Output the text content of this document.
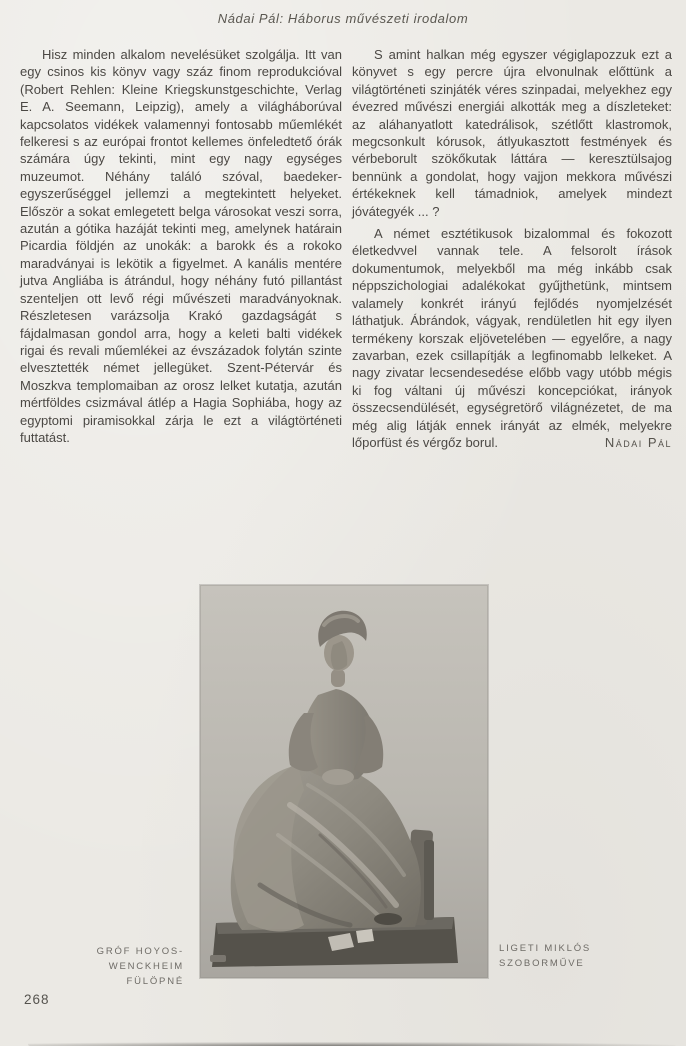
Nádai Pál: Háborus művészeti irodalom

Hisz minden alkalom nevelésüket szolgálja. Itt van egy csinos kis könyv vagy száz finom reprodukcióval (Robert Rehlen: Kleine Kriegskunstgeschichte, Verlag E. A. Seemann, Leipzig), amely a világháborúval kapcsolatos vidékek valamennyi fontosabb műemlékét felkeresi s az európai frontot kellemes önfeledtető órák számára úgy tekinti, mint egy nagy egységes muzeumot. Néhány találó szóval, baedeker-egyszerűséggel jellemzi a megtekintett helyeket. Először a sokat emlegetett belga városokat veszi sorra, azután a gótika hazáját tekinti meg, amelynek határain Picardia földjén az unokák: a barokk és a rokoko maradványai is lekötik a figyelmet. A kanális mentére jutva Angliába is átrándul, hogy néhány futó pillantást szenteljen ott levő régi művészeti maradványoknak. Részletesen varázsolja Krakó gazdagságát s fájdalmasan gondol arra, hogy a keleti balti vidékek rigai és revali műemlékei az évszázadok folytán szinte elvesztették német jellegüket. Szent-Pétervár és Moszkva templomaiban az orosz lelket kutatja, azután mértföldes csizmával átlép a Hagia Sophiába, hogy az egyptomi piramisokkal zárja le ezt a világtörténeti futtatást.

S amint halkan még egyszer végiglapozzuk ezt a könyvet s egy percre újra elvonulnak előttünk a világtörténeti szinjáték véres szinpadai, melyekhez egy évezred művészi energiái alkották meg a díszleteket: az aláhanyatlott katedrálisok, szétlőtt klastromok, megcsonkult kórusok, átlyukasztott festmények és vérbeborult szökőkutak láttára — keresztülsajog bennünk a gondolat, hogy vajjon mekkora művészi értékeknek kell támadniok, amelyek mindezt jóvátegyék ... ?

A német esztétikusok bizalommal és fokozott életkedvvel vannak tele. A felsorolt írások dokumentumok, melyekből ma még inkább csak néppszichologiai adalékokat gyűjthetünk, mintsem valamely konkrét irányú fejlődés nyomjelzését láthatjuk. Ábrándok, vágyak, rendületlen hit egy ilyen termékeny korszak eljövetelében — egyelőre, a nagy zavarban, ezek csillapítják a legfinomabb lelkeket. A nagy zivatar lecsendesedése előbb vagy utóbb mégis ki fog váltani új művészi koncepciókat, irányok összecsendülését, egységretörő világnézetet, de ma még alig látják ennek irányát az elmék, melyekre lőporfüst és vérgőz borul.	Nádai Pál

GRÓF HOYOS-WENCKHEIM
FÜLÖPNÉ
LIGETI MIKLÓS
SZOBORMŰVE
268
